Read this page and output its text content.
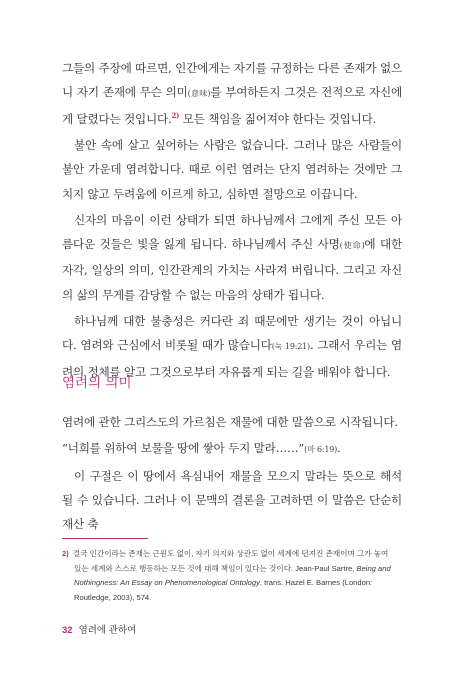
그들의 주장에 따르면, 인간에게는 자기를 규정하는 다른 존재가 없으니 자기 존재에 무슨 의미(意味)를 부여하든지 그것은 전적으로 자신에게 달렸다는 것입니다.$^{2)}$ 모든 책임을 짊어져야 한다는 것입니다.

불안 속에 살고 싶어하는 사람은 없습니다. 그러나 많은 사람들이 불안 가운데 염려합니다. 때로 이런 염려는 단지 염려하는 것에만 그치지 않고 두려움에 이르게 하고, 심하면 절망으로 이끕니다.

신자의 마음이 이런 상태가 되면 하나님께서 그에게 주신 모든 아름다운 것들은 빛을 잃게 됩니다. 하나님께서 주신 사명(使命)에 대한 자각, 일상의 의미, 인간관계의 가치는 사라져 버립니다. 그리고 자신의 삶의 무게를 감당할 수 없는 마음의 상태가 됩니다.

하나님께 대한 불충성은 커다란 죄 때문에만 생기는 것이 아닙니다. 염려와 근심에서 비롯될 때가 많습니다(눅 19:21). 그래서 우리는 염려의 정체를 알고 그것으로부터 자유롭게 되는 길을 배워야 합니다.

염려의 의미

염려에 관한 그리스도의 가르침은 재물에 대한 말씀으로 시작됩니다.

“너희를 위하여 보물을 땅에 쌓아 두지 말라……”(마 6:19).

이 구절은 이 땅에서 욕심내어 재물을 모으지 말라는 뜻으로 해석될 수 있습니다. 그러나 이 문맥의 결론을 고려하면 이 말씀은 단순히 재산 축

2) 결국 인간이라는 존재는 근원도 없이, 자기 의지와 상관도 없이 세계에 던져진 존재이며 그가 놓여
있는 세계와 스스로 행동하는 모든 것에 대해 책임이 있다는 것이다. Jean-Paul Sartre, Being and
Nothingness: An Essay on Phenomenological Ontology, trans. Hazel E. Barnes (London:
Routledge, 2003), 574.
32 염려에 관하여
